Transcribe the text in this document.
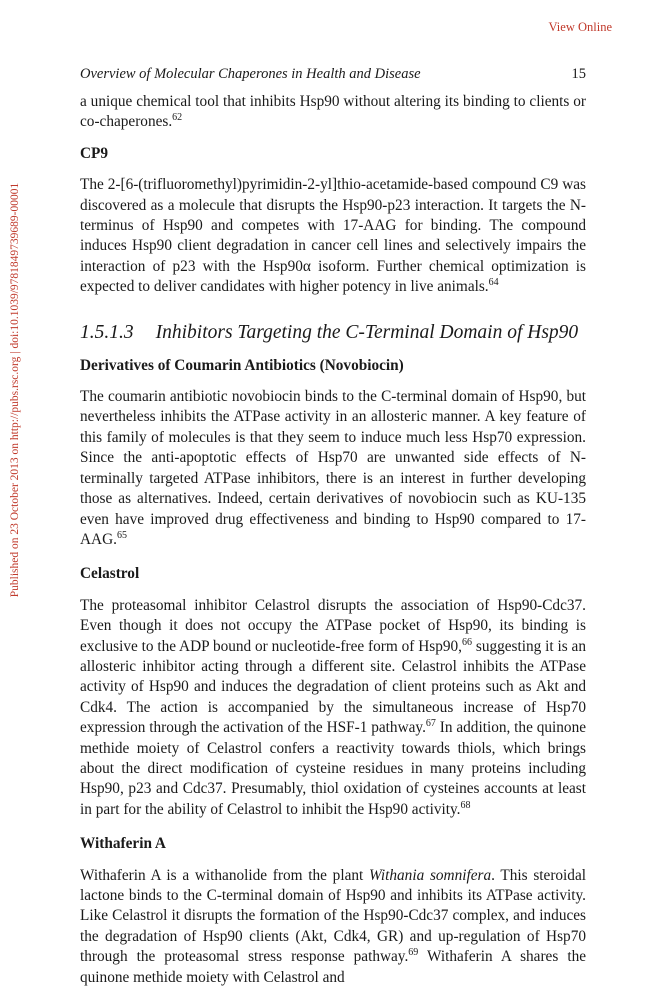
View Online
Published on 23 October 2013 on http://pubs.rsc.org | doi:10.1039/9781849739689-00001
Overview of Molecular Chaperones in Health and Disease	15

a unique chemical tool that inhibits Hsp90 without altering its binding to clients or co-chaperones.$^{62}$

CP9

The 2-[6-(trifluoromethyl)pyrimidin-2-yl]thio-acetamide-based compound C9 was discovered as a molecule that disrupts the Hsp90-p23 interaction. It targets the N-terminus of Hsp90 and competes with 17-AAG for binding. The compound induces Hsp90 client degradation in cancer cell lines and selectively impairs the interaction of p23 with the Hsp90α isoform. Further chemical optimization is expected to deliver candidates with higher potency in live animals.$^{64}$

1.5.1.3 Inhibitors Targeting the C-Terminal Domain of Hsp90
Derivatives of Coumarin Antibiotics (Novobiocin)

The coumarin antibiotic novobiocin binds to the C-terminal domain of Hsp90, but nevertheless inhibits the ATPase activity in an allosteric manner. A key feature of this family of molecules is that they seem to induce much less Hsp70 expression. Since the anti-apoptotic effects of Hsp70 are unwanted side effects of N-terminally targeted ATPase inhibitors, there is an interest in further developing those as alternatives. Indeed, certain derivatives of novobiocin such as KU-135 even have improved drug effectiveness and binding to Hsp90 compared to 17-AAG.$^{65}$

Celastrol

The proteasomal inhibitor Celastrol disrupts the association of Hsp90-Cdc37. Even though it does not occupy the ATPase pocket of Hsp90, its binding is exclusive to the ADP bound or nucleotide-free form of Hsp90,66 suggesting it is an allosteric inhibitor acting through a different site. Celastrol inhibits the ATPase activity of Hsp90 and induces the degradation of client proteins such as Akt and Cdk4. The action is accompanied by the simultaneous increase of Hsp70 expression through the activation of the HSF-1 pathway.$^{67}$ In addition, the quinone methide moiety of Celastrol confers a reactivity towards thiols, which brings about the direct modification of cysteine residues in many proteins including Hsp90, p23 and Cdc37. Presumably, thiol oxidation of cysteines accounts at least in part for the ability of Celastrol to inhibit the Hsp90 activity.$^{68}$

Withaferin A

Withaferin A is a withanolide from the plant Withania somnifera. This steroidal lactone binds to the C-terminal domain of Hsp90 and inhibits its ATPase activity. Like Celastrol it disrupts the formation of the Hsp90-Cdc37 complex, and induces the degradation of Hsp90 clients (Akt, Cdk4, GR) and up-regulation of Hsp70 through the proteasomal stress response pathway.$^{69}$ Withaferin A shares the quinone methide moiety with Celastrol and
